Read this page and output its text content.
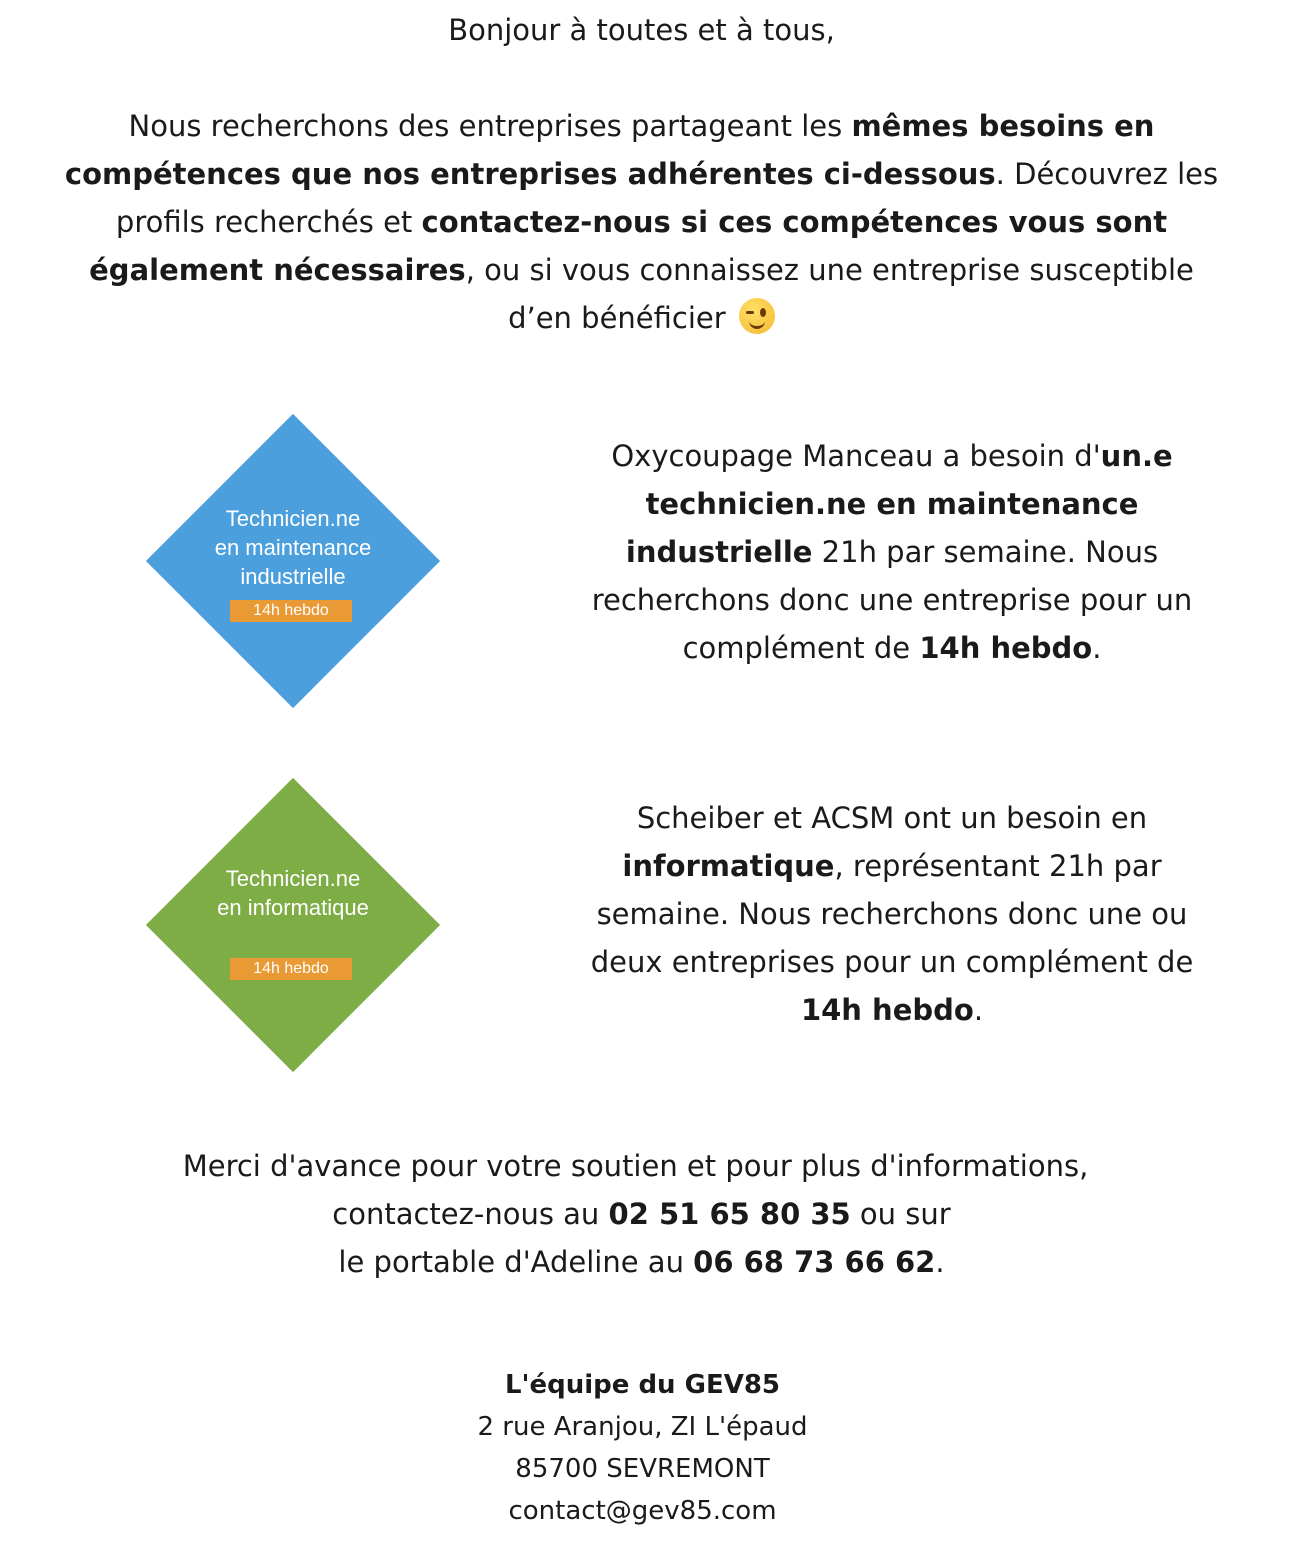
Bonjour à toutes et à tous,
Nous recherchons des entreprises partageant les mêmes besoins en compétences que nos entreprises adhérentes ci-dessous. Découvrez les profils recherchés et contactez-nous si ces compétences vous sont également nécessaires, ou si vous connaissez une entreprise susceptible d’en bénéficier
Technicien.ne
en maintenance
industrielle
14h hebdo
Oxycoupage Manceau a besoin d'un.e technicien.ne en maintenance industrielle 21h par semaine. Nous recherchons donc une entreprise pour un complément de 14h hebdo.
Technicien.ne
en informatique
14h hebdo
Scheiber et ACSM ont un besoin en informatique, représentant 21h par semaine. Nous recherchons donc une ou deux entreprises pour un complément de 14h hebdo.
Merci d'avance pour votre soutien et pour plus d'informations,
contactez-nous au 02 51 65 80 35 ou sur
le portable d'Adeline au 06 68 73 66 62.
L'équipe du GEV85
2 rue Aranjou, ZI L'épaud
85700 SEVREMONT
contact@gev85.com
